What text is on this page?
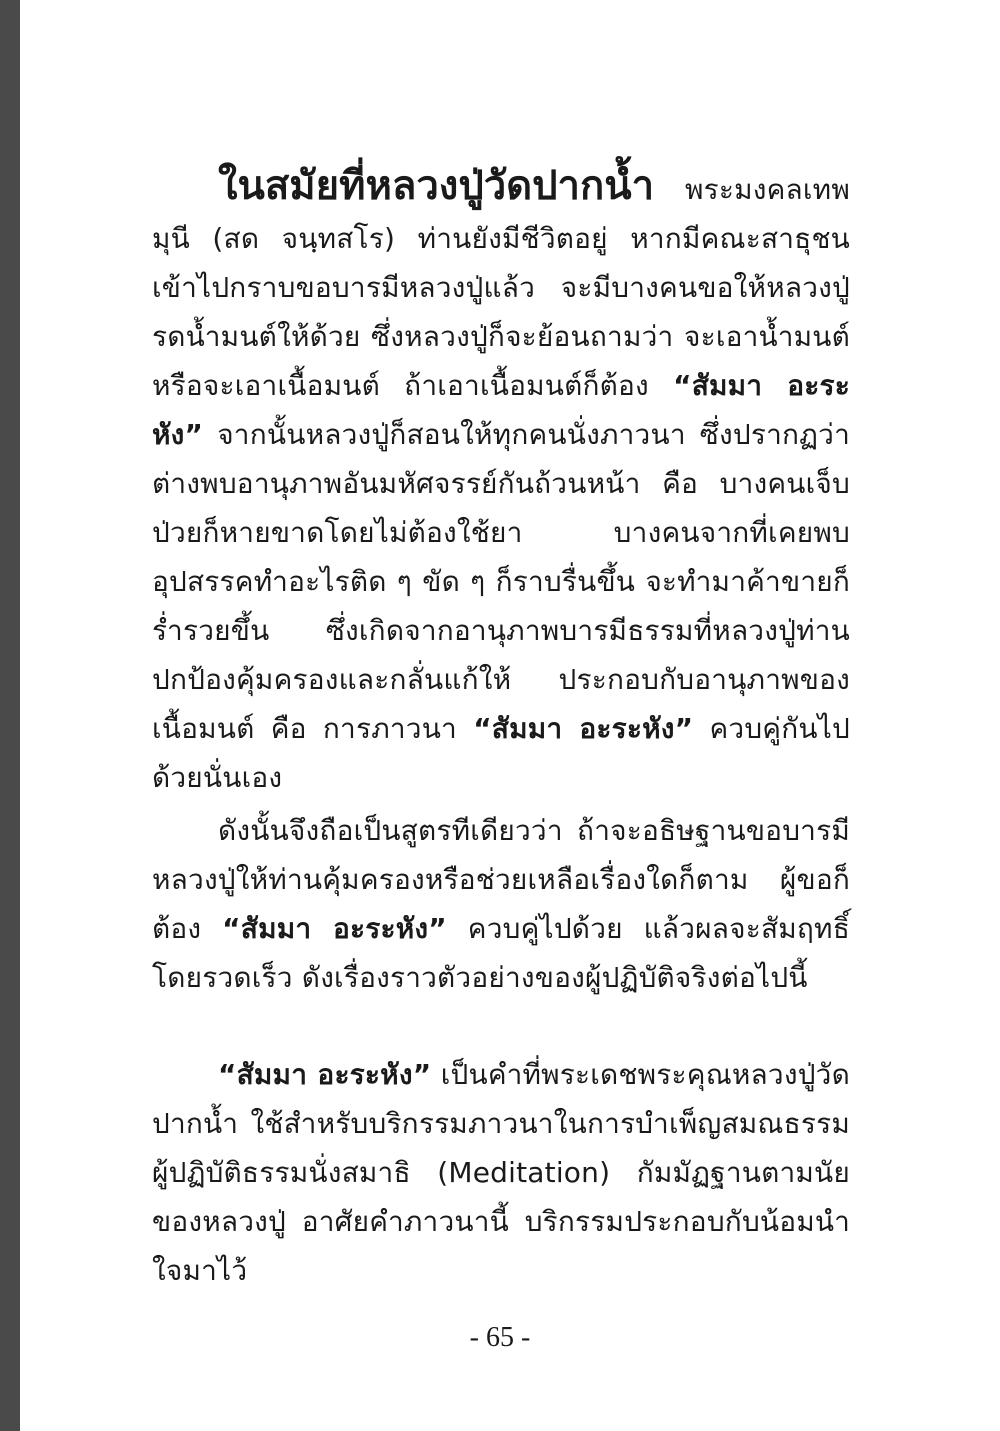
ในสมัยที่หลวงปู่วัดปากน้ำ พระมงคลเทพมุนี (สด จนฺทสโร) ท่านยังมีชีวิตอยู่ หากมีคณะสาธุชนเข้าไปกราบขอบารมีหลวงปู่แล้ว จะมีบางคนขอให้หลวงปู่รดน้ำมนต์ให้ด้วย ซึ่งหลวงปู่ก็จะย้อนถามว่า จะเอาน้ำมนต์หรือจะเอาเนื้อมนต์ ถ้าเอาเนื้อมนต์ก็ต้อง “สัมมา อะระหัง” จากนั้นหลวงปู่ก็สอนให้ทุกคนนั่งภาวนา ซึ่งปรากฏว่า ต่างพบอานุภาพอันมหัศจรรย์กันถ้วนหน้า คือ บางคนเจ็บป่วยก็หายขาดโดยไม่ต้องใช้ยา บางคนจากที่เคยพบอุปสรรคทำอะไรติด ๆ ขัด ๆ ก็ราบรื่นขึ้น จะทำมาค้าขายก็ร่ำรวยขึ้น ซึ่งเกิดจากอานุภาพบารมีธรรมที่หลวงปู่ท่านปกป้องคุ้มครองและกลั่นแก้ให้ ประกอบกับอานุภาพของเนื้อมนต์ คือ การภาวนา “สัมมา อะระหัง” ควบคู่กันไปด้วยนั่นเอง

ดังนั้นจึงถือเป็นสูตรทีเดียวว่า ถ้าจะอธิษฐานขอบารมีหลวงปู่ให้ท่านคุ้มครองหรือช่วยเหลือเรื่องใดก็ตาม ผู้ขอก็ต้อง “สัมมา อะระหัง” ควบคู่ไปด้วย แล้วผลจะสัมฤทธิ์โดยรวดเร็ว ดังเรื่องราวตัวอย่างของผู้ปฏิบัติจริงต่อไปนี้

“สัมมา อะระหัง” เป็นคำที่พระเดชพระคุณหลวงปู่วัดปากน้ำ ใช้สำหรับบริกรรมภาวนาในการบำเพ็ญสมณธรรม ผู้ปฏิบัติธรรมนั่งสมาธิ (Meditation) กัมมัฏฐานตามนัยของหลวงปู่ อาศัยคำภาวนานี้ บริกรรมประกอบกับน้อมนำใจมาไว้

- 65 -
